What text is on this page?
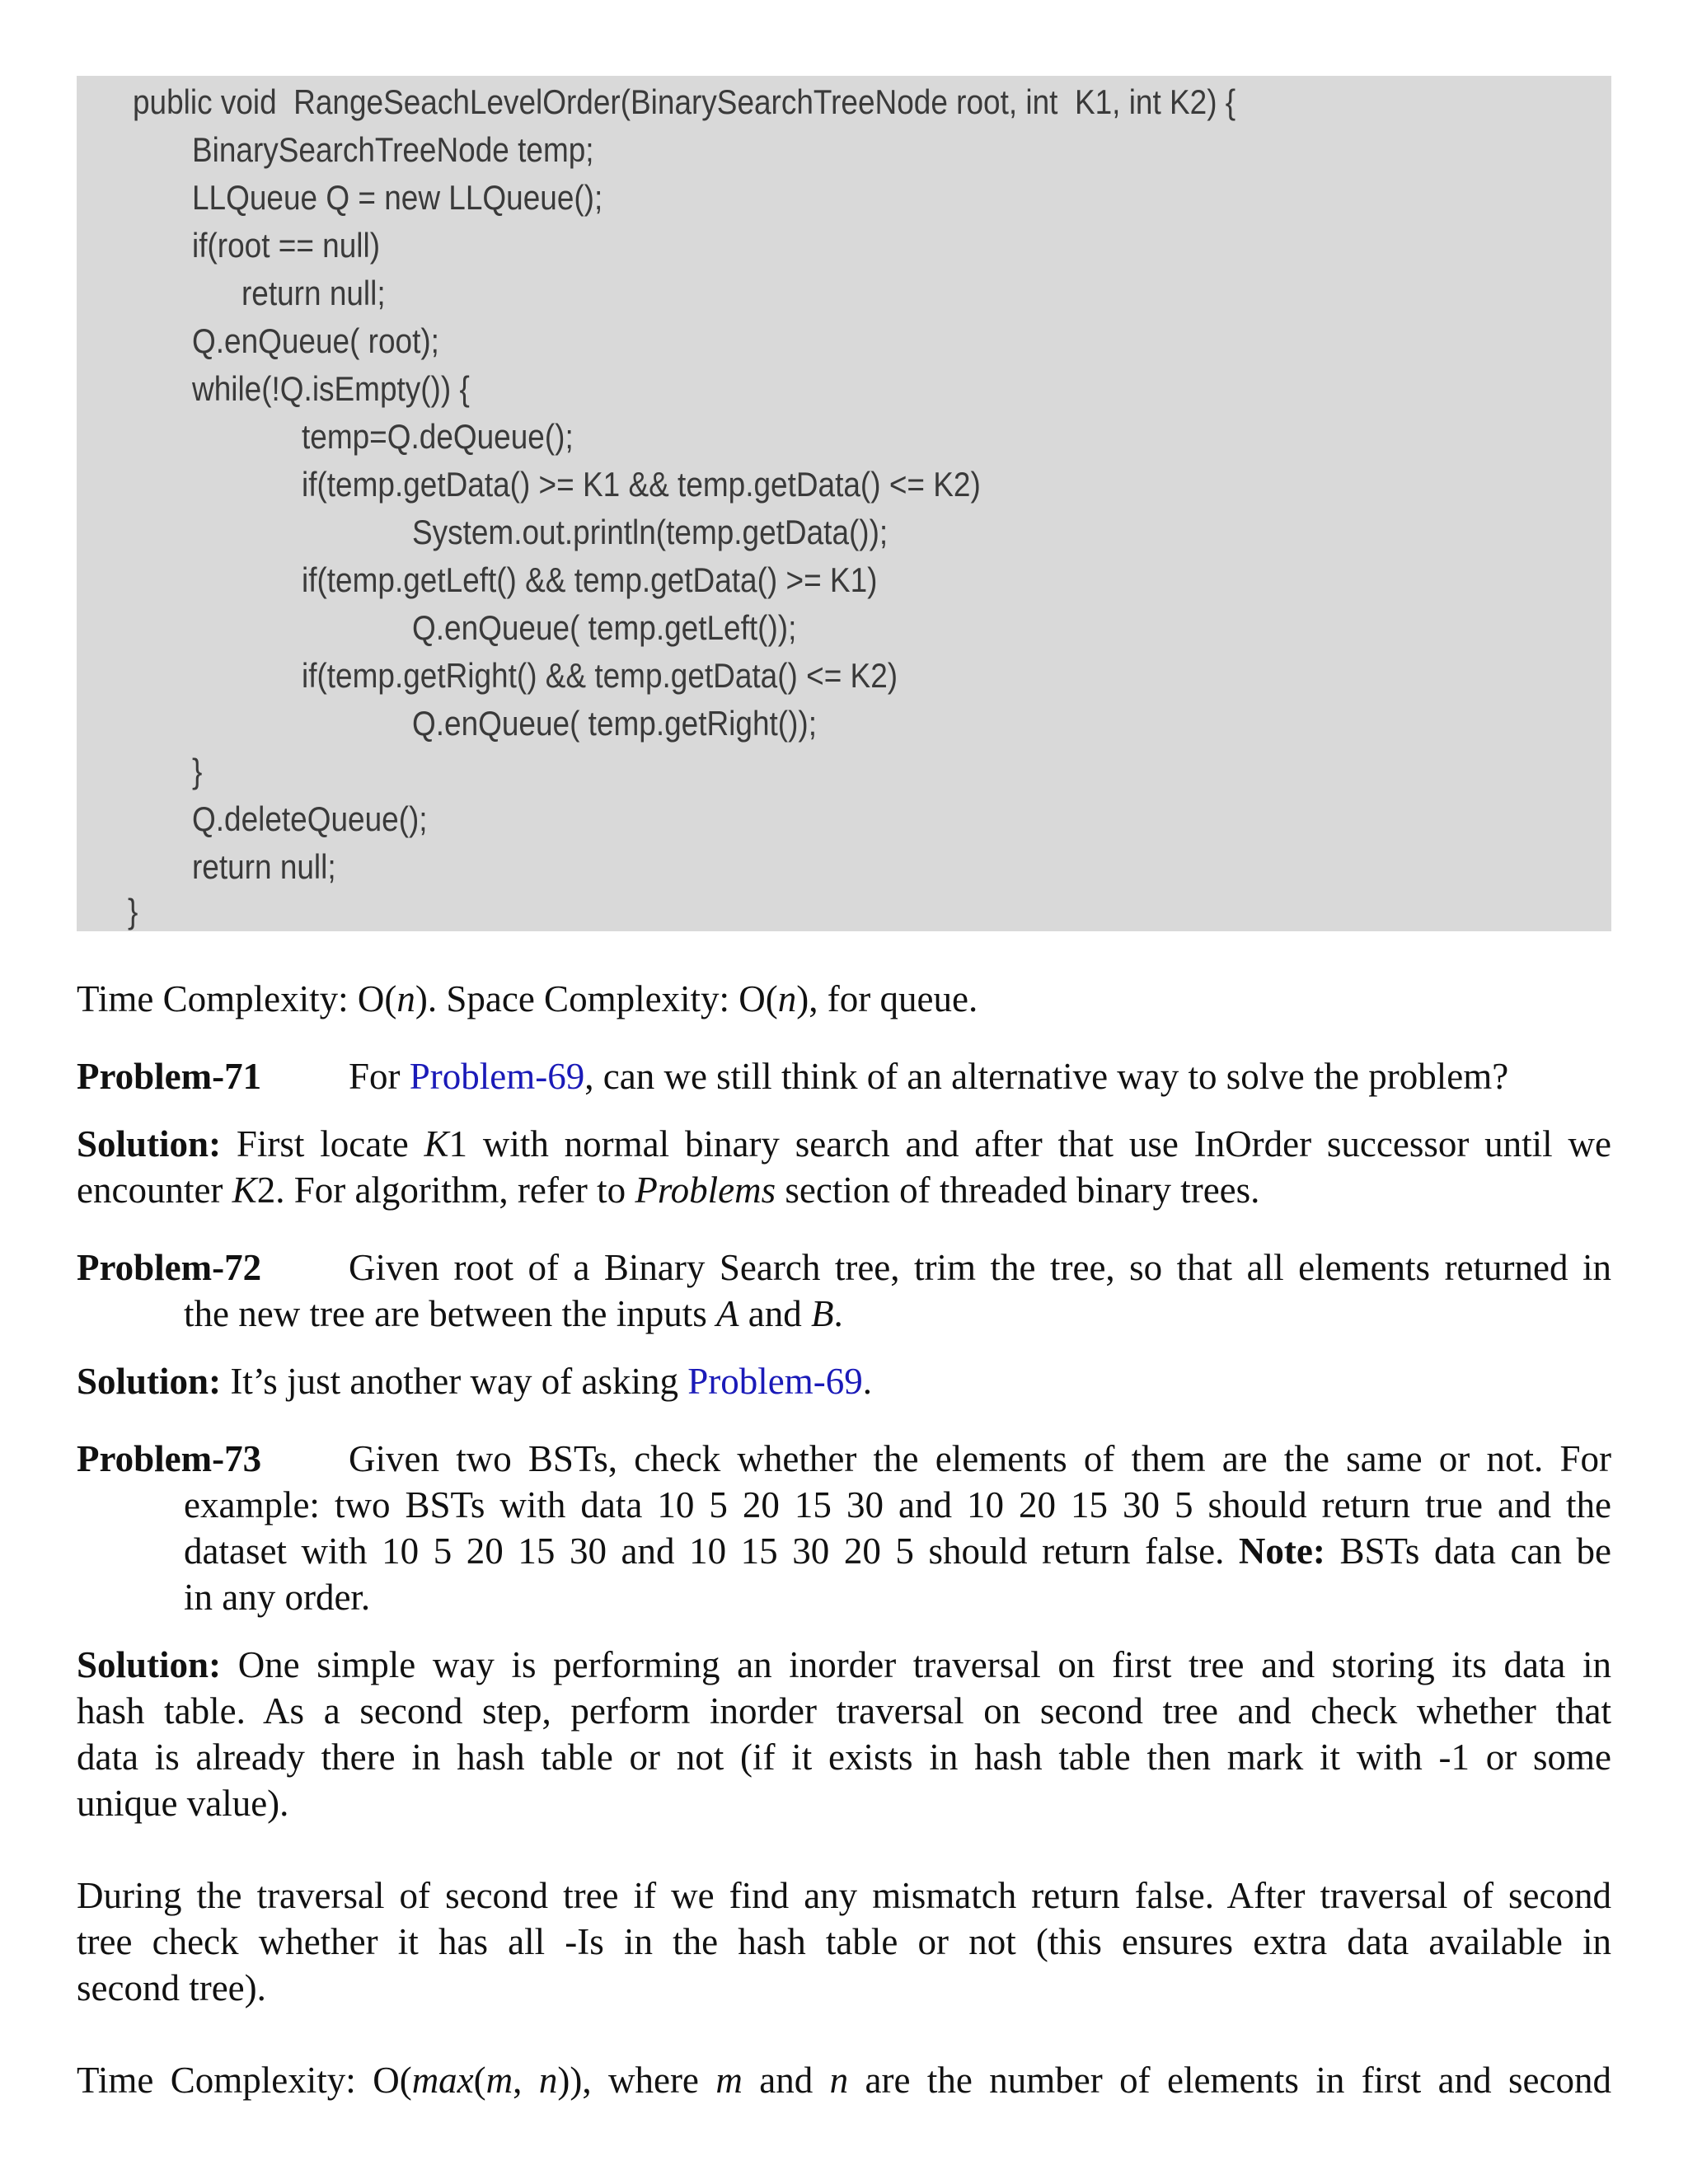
public void  RangeSeachLevelOrder(BinarySearchTreeNode root, int  K1, int K2) {
BinarySearchTreeNode temp;
LLQueue Q = new LLQueue();
if(root == null)
return null;
Q.enQueue( root);
while(!Q.isEmpty()) {
temp=Q.deQueue();
if(temp.getData() >= K1 && temp.getData() <= K2)
System.out.println(temp.getData());
if(temp.getLeft() && temp.getData() >= K1)
Q.enQueue( temp.getLeft());
if(temp.getRight() && temp.getData() <= K2)
Q.enQueue( temp.getRight());
}
Q.deleteQueue();
return null;
}
Time Complexity: O(n). Space Complexity: O(n), for queue.
Problem-71 For Problem-69, can we still think of an alternative way to solve the problem?
Solution: First locate K1 with normal binary search and after that use InOrder successor until we
encounter K2. For algorithm, refer to Problems section of threaded binary trees.
Problem-72 Given root of a Binary Search tree, trim the tree, so that all elements returned in
the new tree are between the inputs A and B.
Solution: It’s just another way of asking Problem-69.
Problem-73 Given two BSTs, check whether the elements of them are the same or not. For
example: two BSTs with data 10 5 20 15 30 and 10 20 15 30 5 should return true and the
dataset with 10 5 20 15 30 and 10 15 30 20 5 should return false. Note: BSTs data can be
in any order.
Solution: One simple way is performing an inorder traversal on first tree and storing its data in
hash table. As a second step, perform inorder traversal on second tree and check whether that
data is already there in hash table or not (if it exists in hash table then mark it with -1 or some
unique value).
During the traversal of second tree if we find any mismatch return false. After traversal of second
tree check whether it has all -Is in the hash table or not (this ensures extra data available in
second tree).
Time Complexity: O(max(m, n)), where m and n are the number of elements in first and second
